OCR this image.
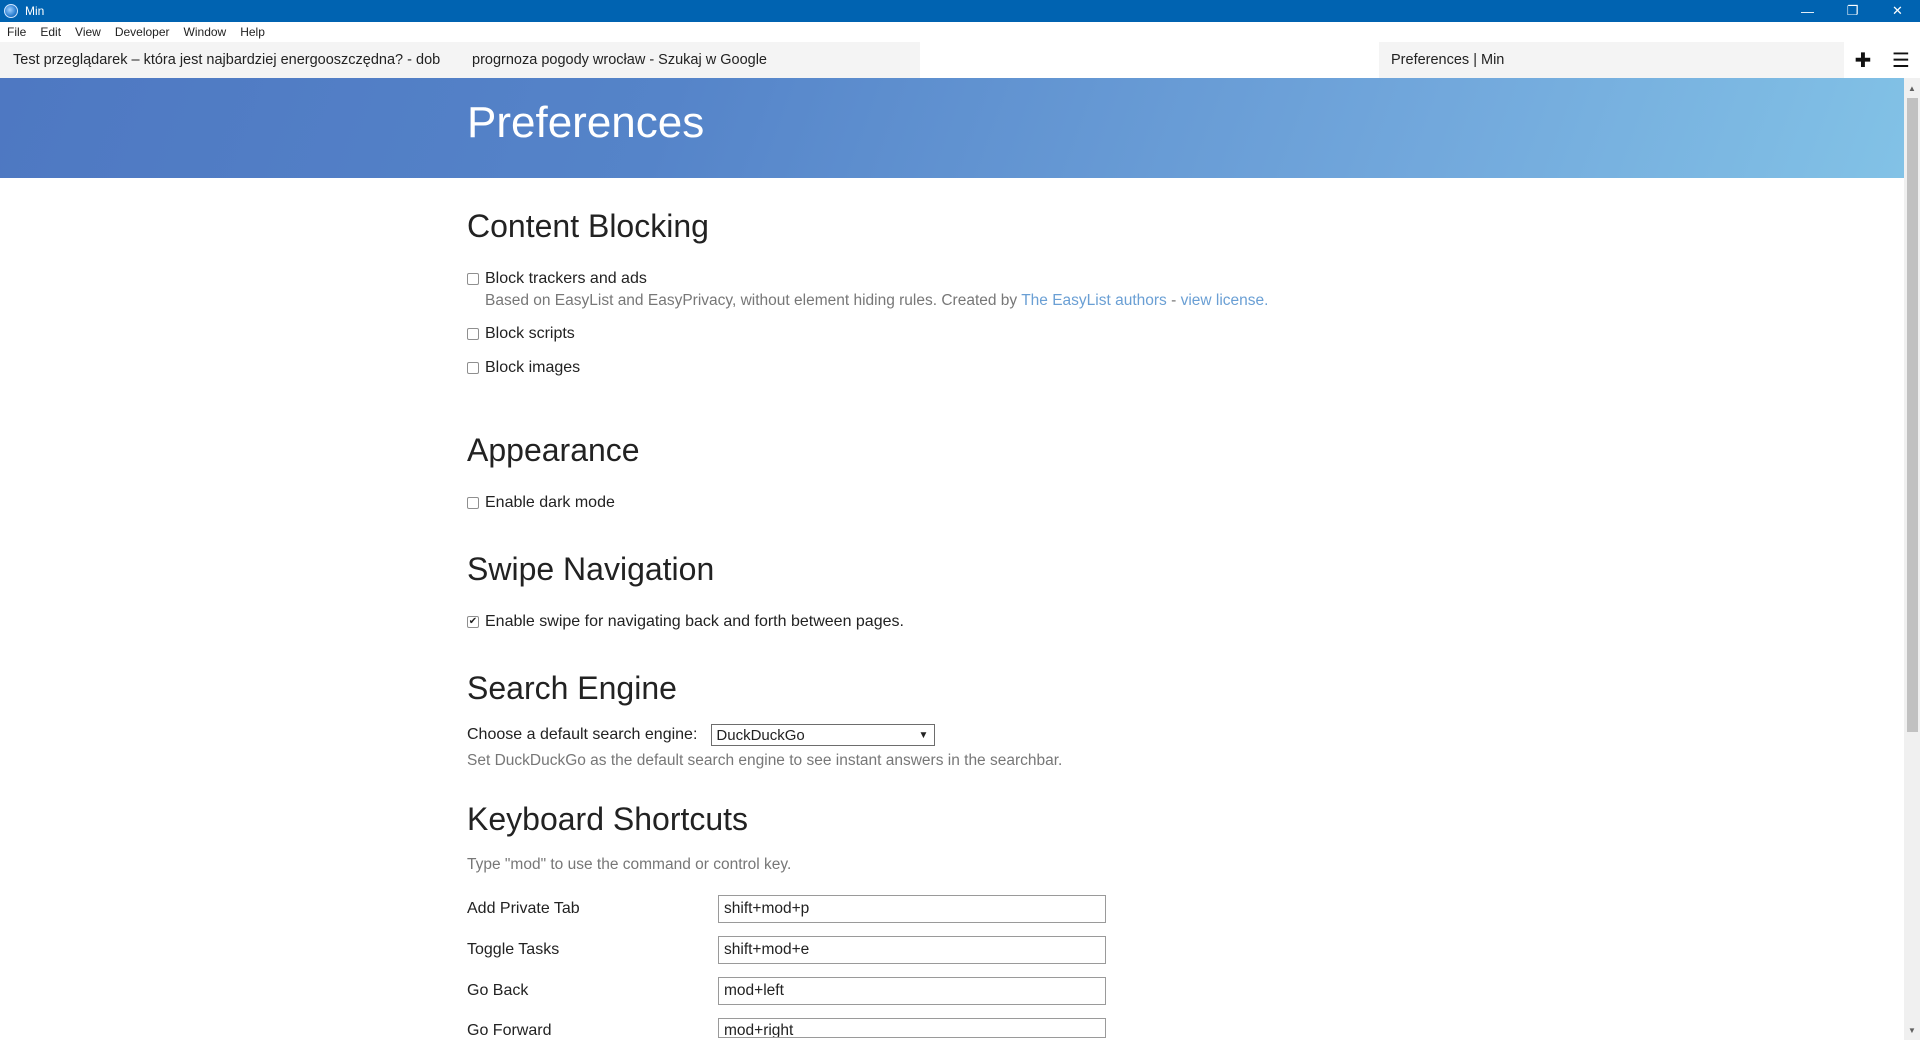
Min	—	❐	✕
File	Edit	View	Developer	Window	Help
Test przeglądarek – która jest najbardziej energooszczędna? - dob	progrnoza pogody wrocław - Szukaj w Google	Preferences | Min	✚	☰
Preferences
Content Blocking
Block trackers and ads
Based on EasyList and EasyPrivacy, without element hiding rules. Created by The EasyList authors - view license.
Block scripts
Block images
Appearance
Enable dark mode
Swipe Navigation
✔ Enable swipe for navigating back and forth between pages.
Search Engine
Choose a default search engine: DuckDuckGo	▼
Set DuckDuckGo as the default search engine to see instant answers in the searchbar.
Keyboard Shortcuts
Type "mod" to use the command or control key.
Add Private Tab	shift+mod+p
Toggle Tasks	shift+mod+e
Go Back	mod+left
Go Forward	mod+right
▲
▼
